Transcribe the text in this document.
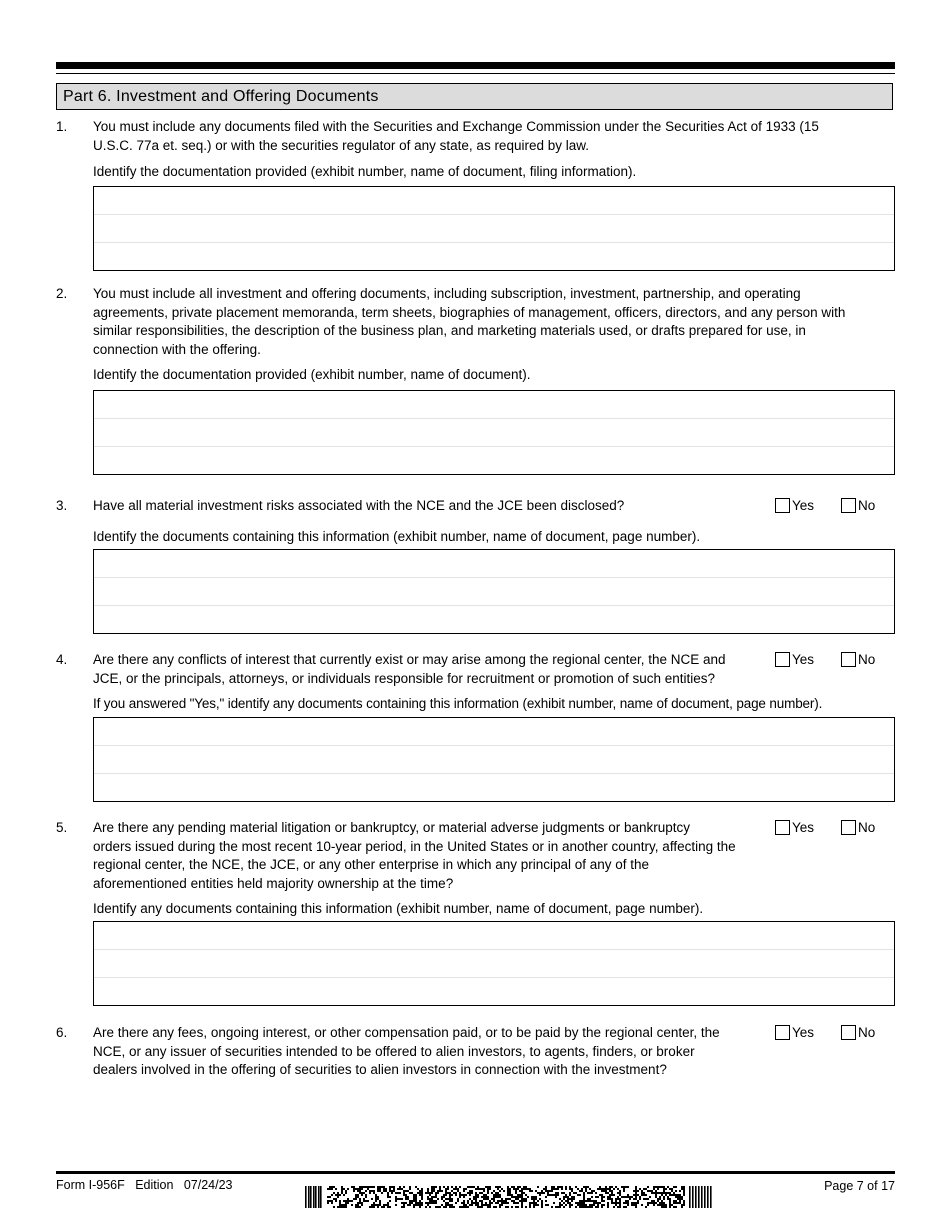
Part 6. Investment and Offering Documents
1. You must include any documents filed with the Securities and Exchange Commission under the Securities Act of 1933 (15
U.S.C. 77a et. seq.) or with the securities regulator of any state, as required by law.
Identify the documentation provided (exhibit number, name of document, filing information).
2. You must include all investment and offering documents, including subscription, investment, partnership, and operating
agreements, private placement memoranda, term sheets, biographies of management, officers, directors, and any person with
similar responsibilities, the description of the business plan, and marketing materials used, or drafts prepared for use, in
connection with the offering.
Identify the documentation provided (exhibit number, name of document).
3. Have all material investment risks associated with the NCE and the JCE been disclosed?	Yes	No
Identify the documents containing this information (exhibit number, name of document, page number).
4. Are there any conflicts of interest that currently exist or may arise among the regional center, the NCE and
JCE, or the principals, attorneys, or individuals responsible for recruitment or promotion of such entities?
Yes	No
If you answered "Yes," identify any documents containing this information (exhibit number, name of document, page number).
5. Are there any pending material litigation or bankruptcy, or material adverse judgments or bankruptcy
orders issued during the most recent 10-year period, in the United States or in another country, affecting the
regional center, the NCE, the JCE, or any other enterprise in which any principal of any of the
aforementioned entities held majority ownership at the time?
Yes	No
Identify any documents containing this information (exhibit number, name of document, page number).
6. Are there any fees, ongoing interest, or other compensation paid, or to be paid by the regional center, the
NCE, or any issuer of securities intended to be offered to alien investors, to agents, finders, or broker
dealers involved in the offering of securities to alien investors in connection with the investment?
Yes	No
Form I-956F Edition 07/24/23	Page 7 of 17
